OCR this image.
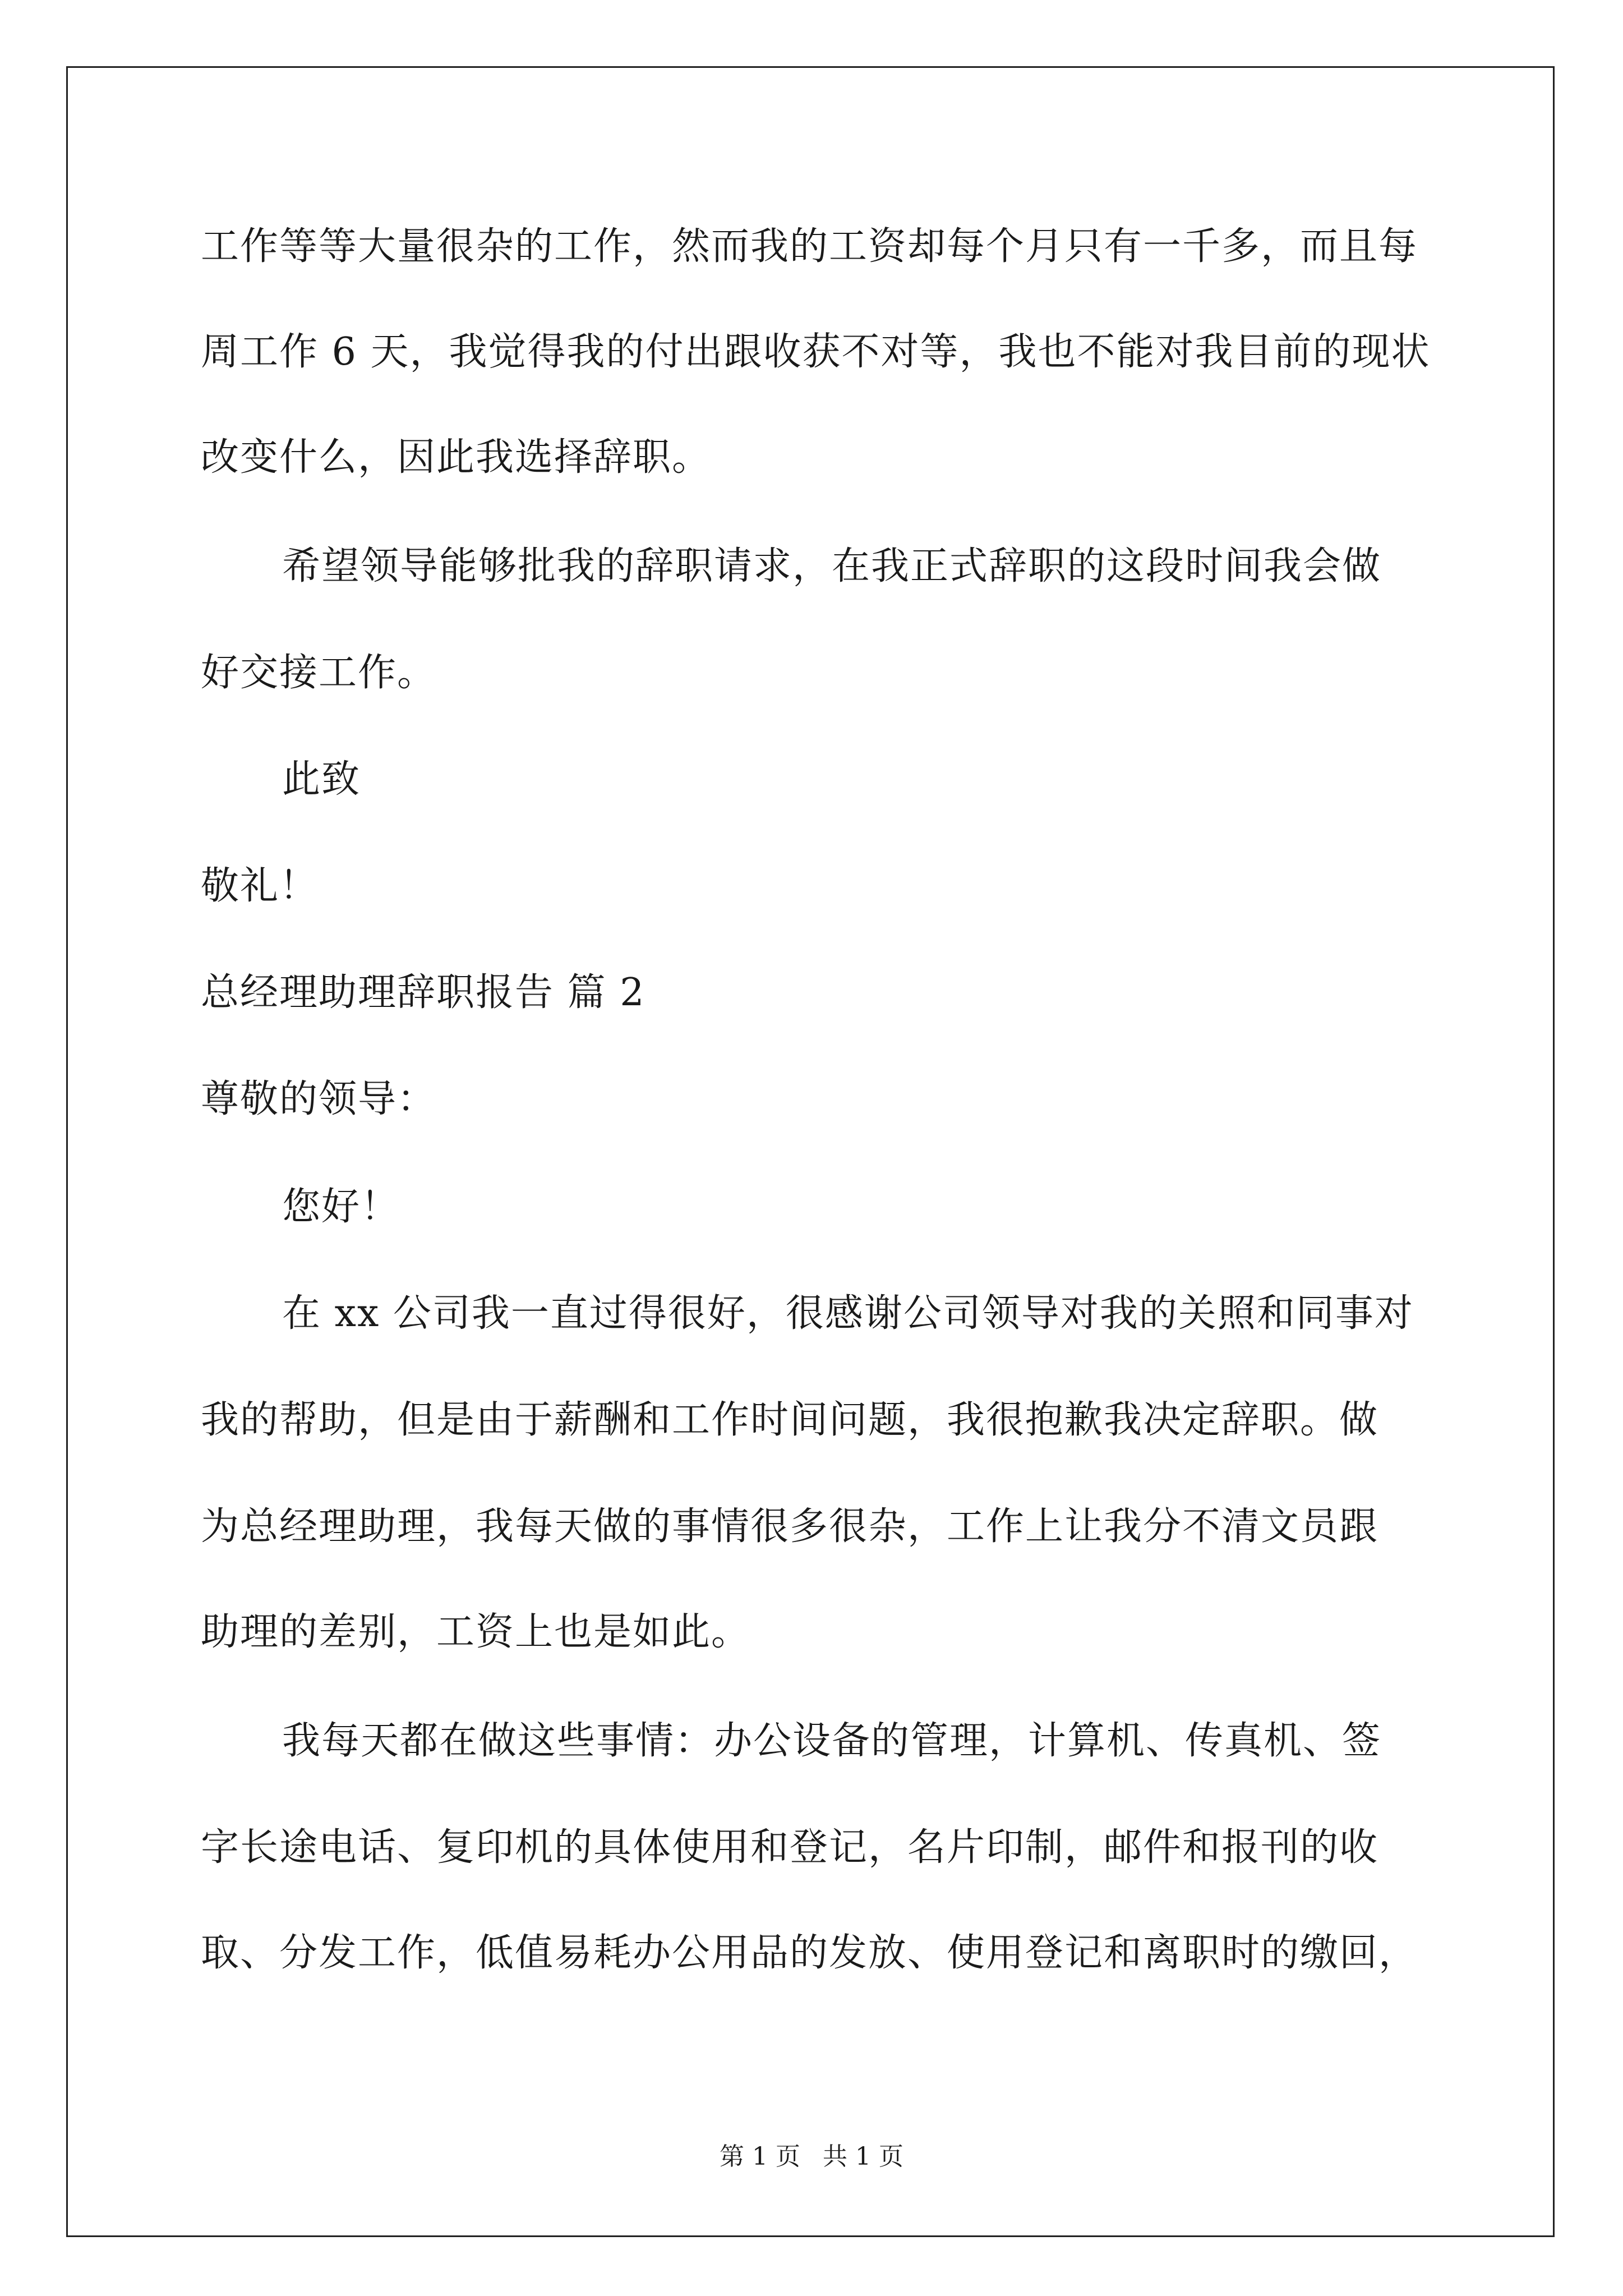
工作等等大量很杂的工作，然而我的工资却每个月只有一千多，而且每
周工作 6 天，我觉得我的付出跟收获不对等，我也不能对我目前的现状
改变什么，因此我选择辞职。
希望领导能够批我的辞职请求，在我正式辞职的这段时间我会做
好交接工作。
此致
敬礼！
总经理助理辞职报告 篇 2
尊敬的领导：
您好！
在 xx 公司我一直过得很好，很感谢公司领导对我的关照和同事对
我的帮助，但是由于薪酬和工作时间问题，我很抱歉我决定辞职。做
为总经理助理，我每天做的事情很多很杂，工作上让我分不清文员跟
助理的差别，工资上也是如此。
我每天都在做这些事情：办公设备的管理，计算机、传真机、签
字长途电话、复印机的具体使用和登记，名片印制，邮件和报刊的收
取、分发工作，低值易耗办公用品的发放、使用登记和离职时的缴回，
第 1 页 共 1 页
